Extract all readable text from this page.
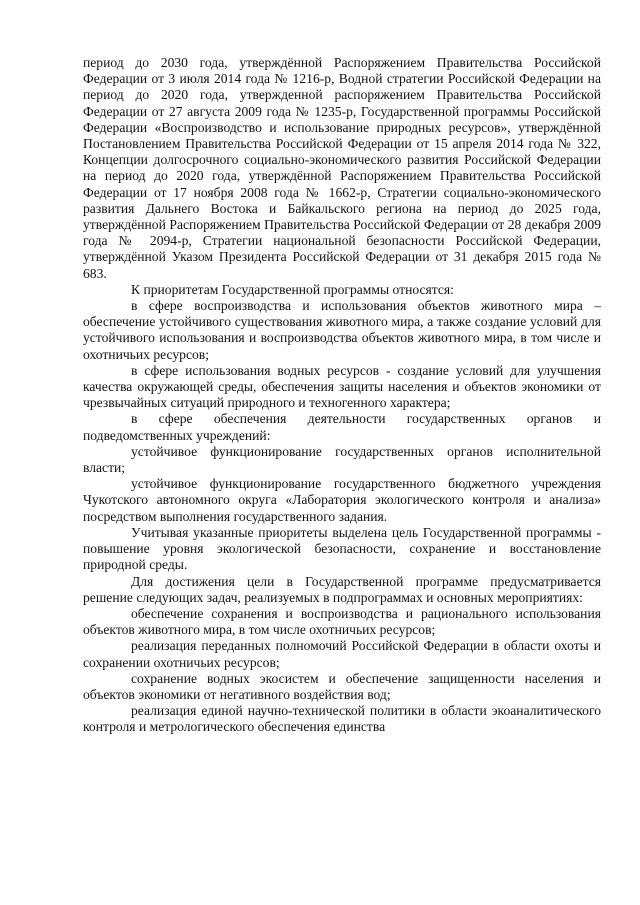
период до 2030 года, утверждённой Распоряжением Правительства Российской Федерации от 3 июля 2014 года № 1216-р, Водной стратегии Российской Федерации на период до 2020 года, утвержденной распоряжением Правительства Российской Федерации от 27 августа 2009 года № 1235-р, Государственной программы Российской Федерации «Воспроизводство и использование природных ресурсов», утверждённой Постановлением Правительства Российской Федерации от 15 апреля 2014 года № 322, Концепции долгосрочного социально-экономического развития Российской Федерации на период до 2020 года, утверждённой Распоряжением Правительства Российской Федерации от 17 ноября 2008 года № 1662-р, Стратегии социально-экономического развития Дальнего Востока и Байкальского региона на период до 2025 года, утверждённой Распоряжением Правительства Российской Федерации от 28 декабря 2009 года № 2094-р, Стратегии национальной безопасности Российской Федерации, утверждённой Указом Президента Российской Федерации от 31 декабря 2015 года № 683.

К приоритетам Государственной программы относятся:

в сфере воспроизводства и использования объектов животного мира – обеспечение устойчивого существования животного мира, а также создание условий для устойчивого использования и воспроизводства объектов животного мира, в том числе и охотничьих ресурсов;

в сфере использования водных ресурсов - создание условий для улучшения качества окружающей среды, обеспечения защиты населения и объектов экономики от чрезвычайных ситуаций природного и техногенного характера;

в сфере обеспечения деятельности государственных органов и подведомственных учреждений:

устойчивое функционирование государственных органов исполнительной власти;

устойчивое функционирование государственного бюджетного учреждения Чукотского автономного округа «Лаборатория экологического контроля и анализа» посредством выполнения государственного задания.

Учитывая указанные приоритеты выделена цель Государственной программы - повышение уровня экологической безопасности, сохранение и восстановление природной среды.

Для достижения цели в Государственной программе предусматривается решение следующих задач, реализуемых в подпрограммах и основных мероприятиях:

обеспечение сохранения и воспроизводства и рационального использования объектов животного мира, в том числе охотничьих ресурсов;

реализация переданных полномочий Российской Федерации в области охоты и сохранении охотничьих ресурсов;

сохранение водных экосистем и обеспечение защищенности населения и объектов экономики от негативного воздействия вод;

реализация единой научно-технической политики в области экоаналитического контроля и метрологического обеспечения единства
